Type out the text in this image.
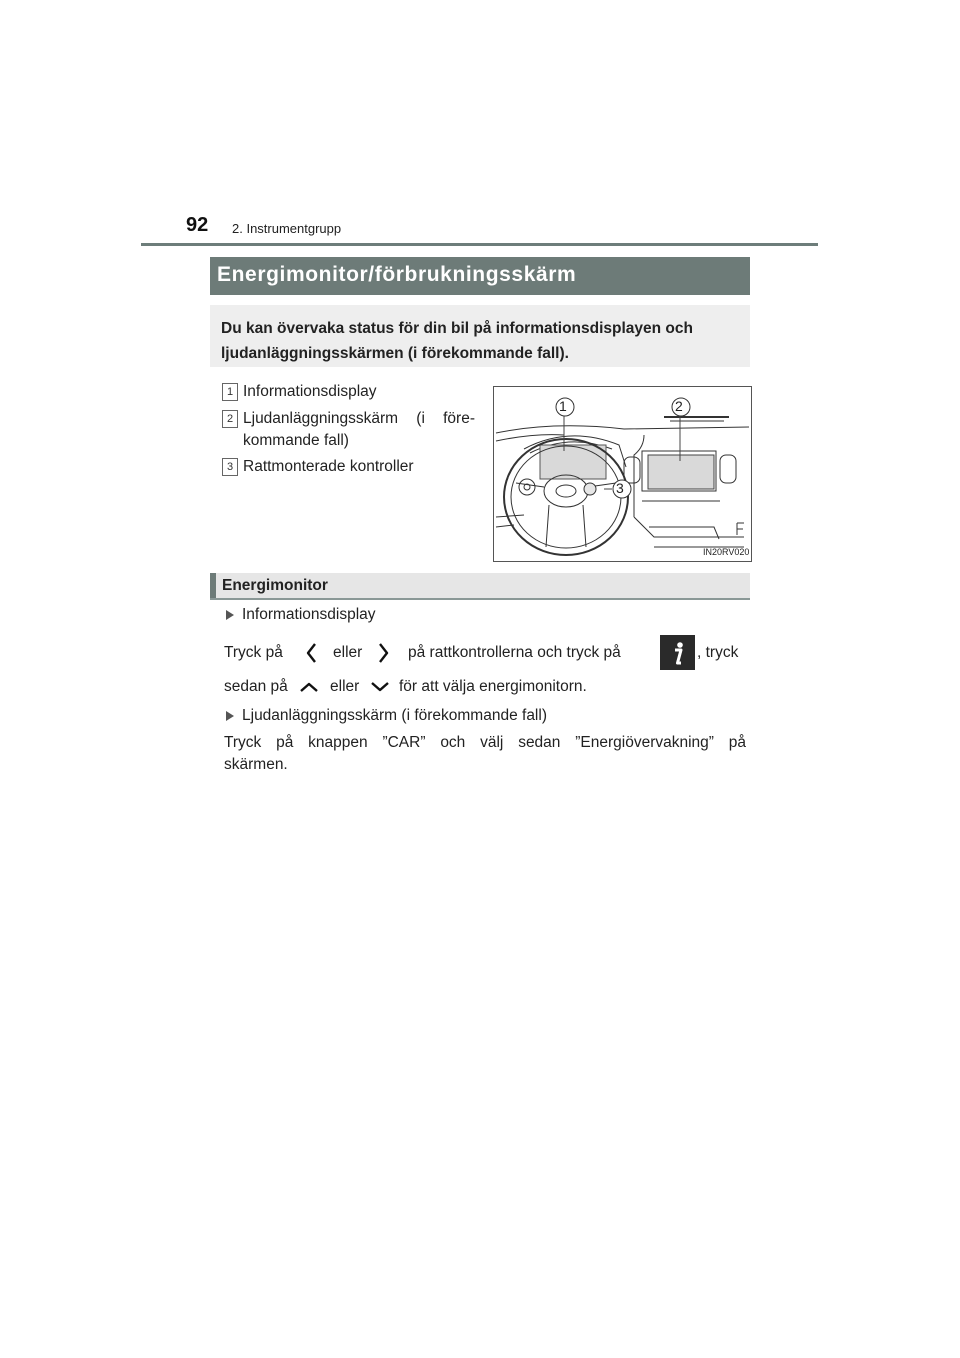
92 2. Instrumentgrupp
Energimonitor/förbrukningsskärm
Du kan övervaka status för din bil på informationsdisplayen och
ljudanläggningsskärmen (i förekommande fall).
1 Informationsdisplay
2 Ljudanläggningsskärm (i före-
kommande fall)
3 Rattmonterade kontroller
1	2
3
IN20RV020
Energimonitor
Informationsdisplay
Tryck på	eller	på rattkontrollerna och tryck på	, tryck
sedan på	eller	för att välja energimonitorn.
Ljudanläggningsskärm (i förekommande fall)
Tryck på knappen ”CAR” och välj sedan ”Energiövervakning” på
skärmen.
